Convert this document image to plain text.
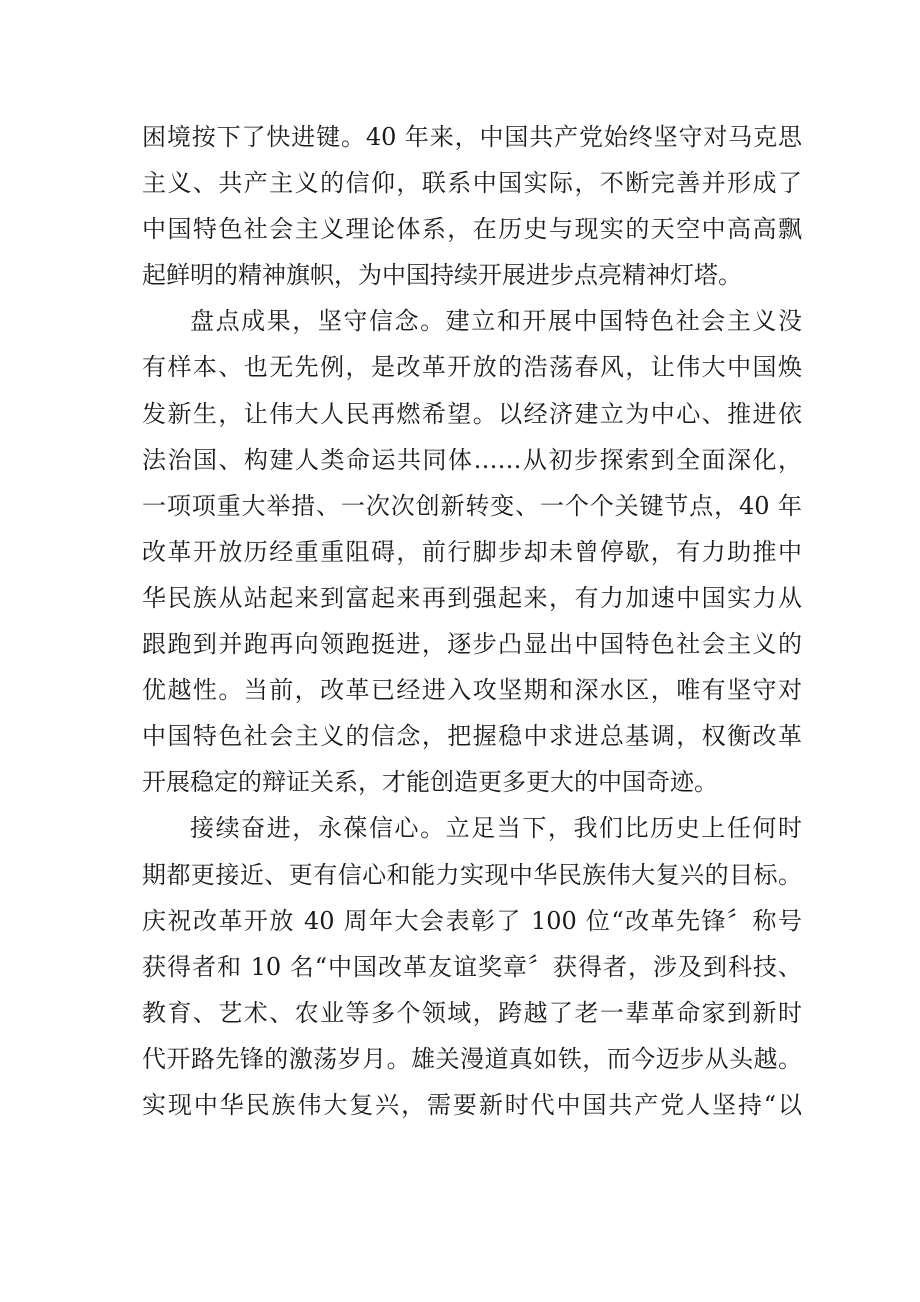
困境按下了快进键。40 年来，中国共产党始终坚守对马克思
主义、共产主义的信仰，联系中国实际，不断完善并形成了
中国特色社会主义理论体系，在历史与现实的天空中高高飘
起鲜明的精神旗帜，为中国持续开展进步点亮精神灯塔。
盘点成果，坚守信念。建立和开展中国特色社会主义没
有样本、也无先例，是改革开放的浩荡春风，让伟大中国焕
发新生，让伟大人民再燃希望。以经济建立为中心、推进依
法治国、构建人类命运共同体……从初步探索到全面深化，
一项项重大举措、一次次创新转变、一个个关键节点，40 年
改革开放历经重重阻碍，前行脚步却未曾停歇，有力助推中
华民族从站起来到富起来再到强起来，有力加速中国实力从
跟跑到并跑再向领跑挺进，逐步凸显出中国特色社会主义的
优越性。当前，改革已经进入攻坚期和深水区，唯有坚守对
中国特色社会主义的信念，把握稳中求进总基调，权衡改革
开展稳定的辩证关系，才能创造更多更大的中国奇迹。
接续奋进，永葆信心。立足当下，我们比历史上任何时
期都更接近、更有信心和能力实现中华民族伟大复兴的目标。
庆祝改革开放 40 周年大会表彰了 100 位“改革先锋〞称号
获得者和 10 名“中国改革友谊奖章〞获得者，涉及到科技、
教育、艺术、农业等多个领域，跨越了老一辈革命家到新时
代开路先锋的激荡岁月。雄关漫道真如铁，而今迈步从头越。
实现中华民族伟大复兴，需要新时代中国共产党人坚持“以
